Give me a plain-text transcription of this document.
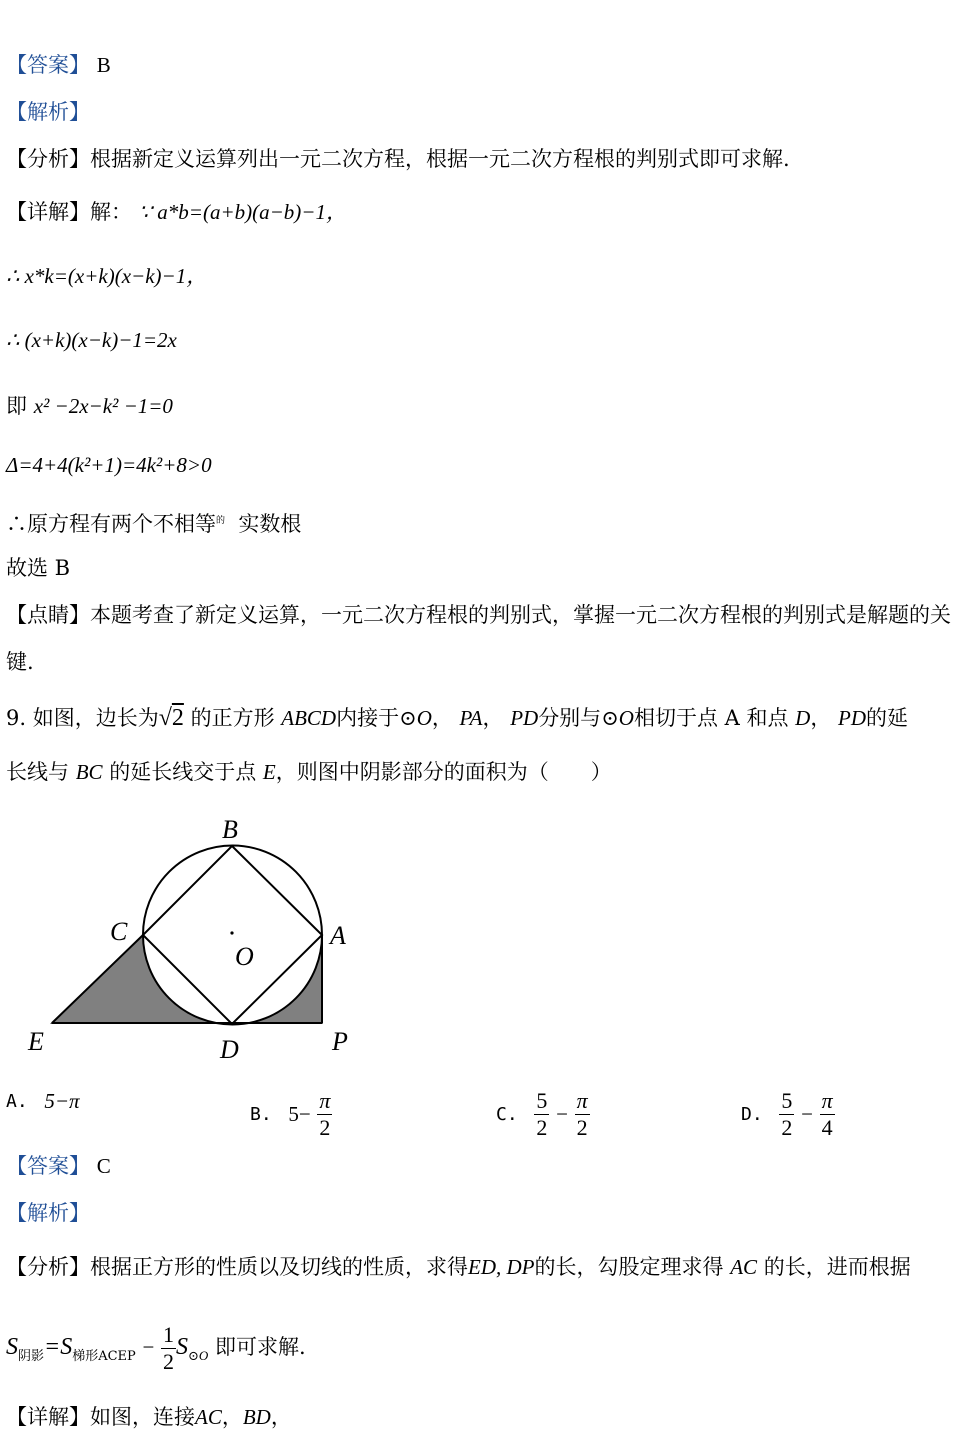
【答案】 B
【解析】
【分析】根据新定义运算列出一元二次方程，根据一元二次方程根的判别式即可求解.
【详解】解： ∵ a*b=(a+b)(a−b)−1，
∴ x*k=(x+k)(x−k)−1，
∴ (x+k)(x−k)−1=2x
即 x² −2x−k² −1=0
Δ=4+4(k²+1)=4k²+8>0
∴原方程有两个不相等$^的$ 实数根
故选 B
【点睛】本题考查了新定义运算，一元二次方程根的判别式，掌握一元二次方程根的判别式是解题的关
键.
9. 如图，边长为√2 的正方形 ABCD内接于⊙O， PA， PD分别与⊙O相切于点 A 和点 D， PD的延
长线与 BC 的延长线交于点 E，则图中阴影部分的面积为（　　）
B
C	A
O
E	D	P
A. 5−π
B. $5- \frac{\pi}{2}$	C. $\frac{5}{2} - \frac{\pi}{2}$	D. $\frac{5}{2} - \frac{\pi}{4}$
【答案】 C
【解析】
【分析】根据正方形的性质以及切线的性质，求得ED, DP的长，勾股定理求得 AC 的长，进而根据
$S_{阴影}=S_{梯形ACEP} - \frac{1}{2} S_{⊙O}$ 即可求解.
【详解】如图，连接AC，BD，
